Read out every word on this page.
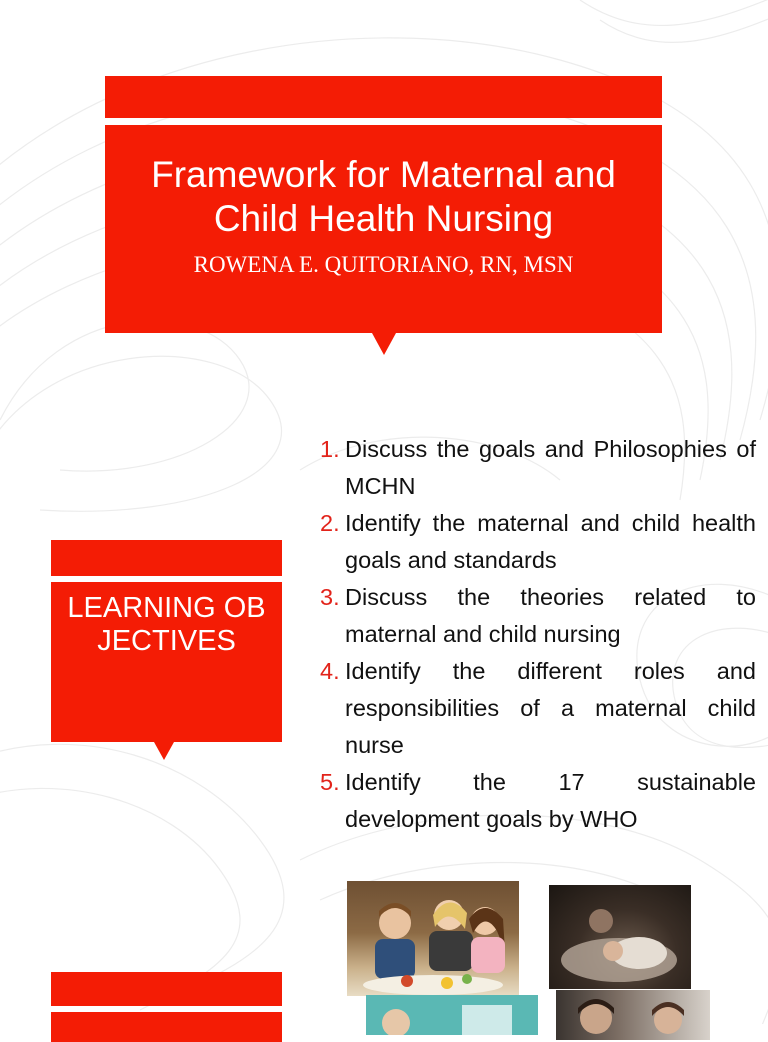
Framework for Maternal and Child Health Nursing
ROWENA E. QUITORIANO, RN, MSN
LEARNING OBJECTIVES
1. Discuss the goals and Philosophies of MCHN
2. Identify the maternal and child health goals and standards
3. Discuss the theories related to maternal and child nursing
4. Identify the different roles and responsibilities of a maternal child nurse
5. Identify the 17 sustainable development goals by WHO
